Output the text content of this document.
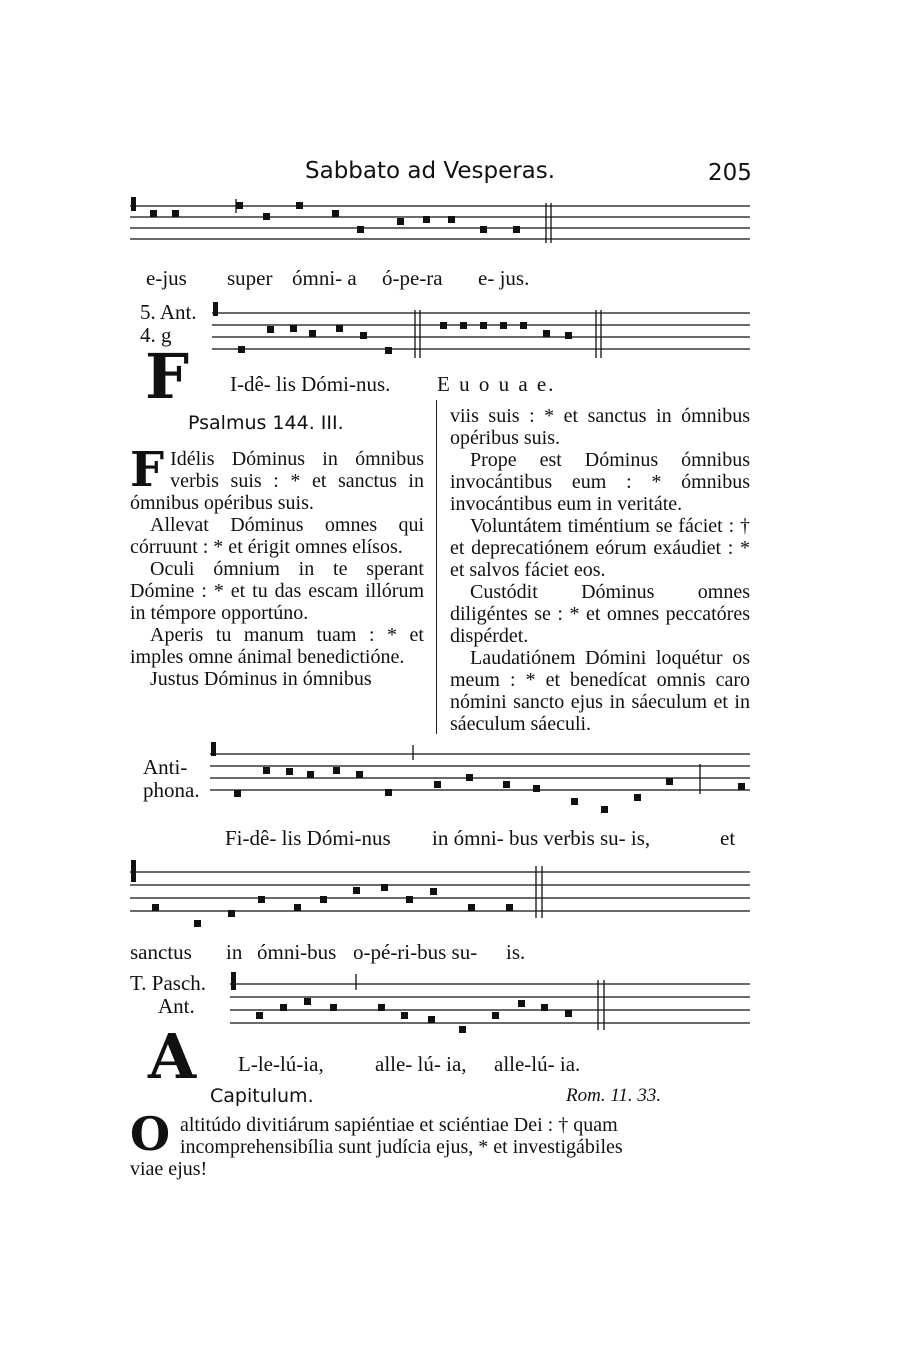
Sabbato ad Vesperas.	205
e-jus super ómni- a ó-pe-ra e- jus.
5. Ant.
4. g
F I-dê- lis Dómi-nus. E u o u a e.
Psalmus 144. III.

F Idélis Dóminus in ómnibus verbis suis : * et sanctus in ómnibus opéribus suis.

Allevat Dóminus omnes qui córruunt : * et érigit omnes elísos.

Oculi ómnium in te sperant Dómine : * et tu das escam illórum in témpore opportúno.

Aperis tu manum tuam : * et imples omne ánimal benedictióne.

Justus Dóminus in ómnibus

viis suis : * et sanctus in ómnibus opéribus suis.

Prope est Dóminus ómnibus invocántibus eum : * ómnibus invocántibus eum in veritáte.

Voluntátem timéntium se fáciet : † et deprecatiónem eórum exáudiet : * et salvos fáciet eos.

Custódit Dóminus omnes diligéntes se : * et omnes peccatóres dispérdet.

Laudatiónem Dómini loquétur os meum : * et benedícat omnis caro nómini sancto ejus in sáeculum et in sáeculum sáeculi.

Anti-
phona.
Fi-dê- lis Dómi-nus in ómni- bus verbis su- is,	et
sanctus in ómni-bus o-pé-ri-bus su- is.
T. Pasch.
Ant.
A L-le-lú-ia, alle- lú- ia, alle-lú- ia.
Capitulum.	Rom. 11. 33.
O altitúdo divitiárum sapiéntiae et sciéntiae Dei : † quam
incomprehensibília sunt judícia ejus, * et investigábiles
viae ejus!
